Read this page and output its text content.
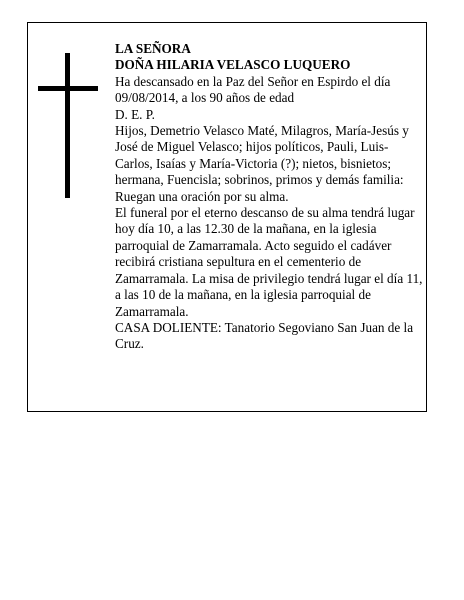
LA SEÑORA

DOÑA HILARIA VELASCO LUQUERO

Ha descansado en la Paz del Señor en Espirdo el día 09/08/2014, a los 90 años de edad

D. E. P.

Hijos, Demetrio Velasco Maté, Milagros, María-Jesús y José de Miguel Velasco; hijos políticos, Pauli, Luis-Carlos, Isaías y María-Victoria (?); nietos, bisnietos; hermana, Fuencisla; sobrinos, primos y demás familia:

Ruegan una oración por su alma.

El funeral por el eterno descanso de su alma tendrá lugar hoy día 10, a las 12.30 de la mañana, en la iglesia parroquial de Zamarramala. Acto seguido el cadáver recibirá cristiana sepultura en el cementerio de Zamarramala. La misa de privilegio tendrá lugar el día 11, a las 10 de la mañana, en la iglesia parroquial de Zamarramala.

CASA DOLIENTE: Tanatorio Segoviano San Juan de la Cruz.
